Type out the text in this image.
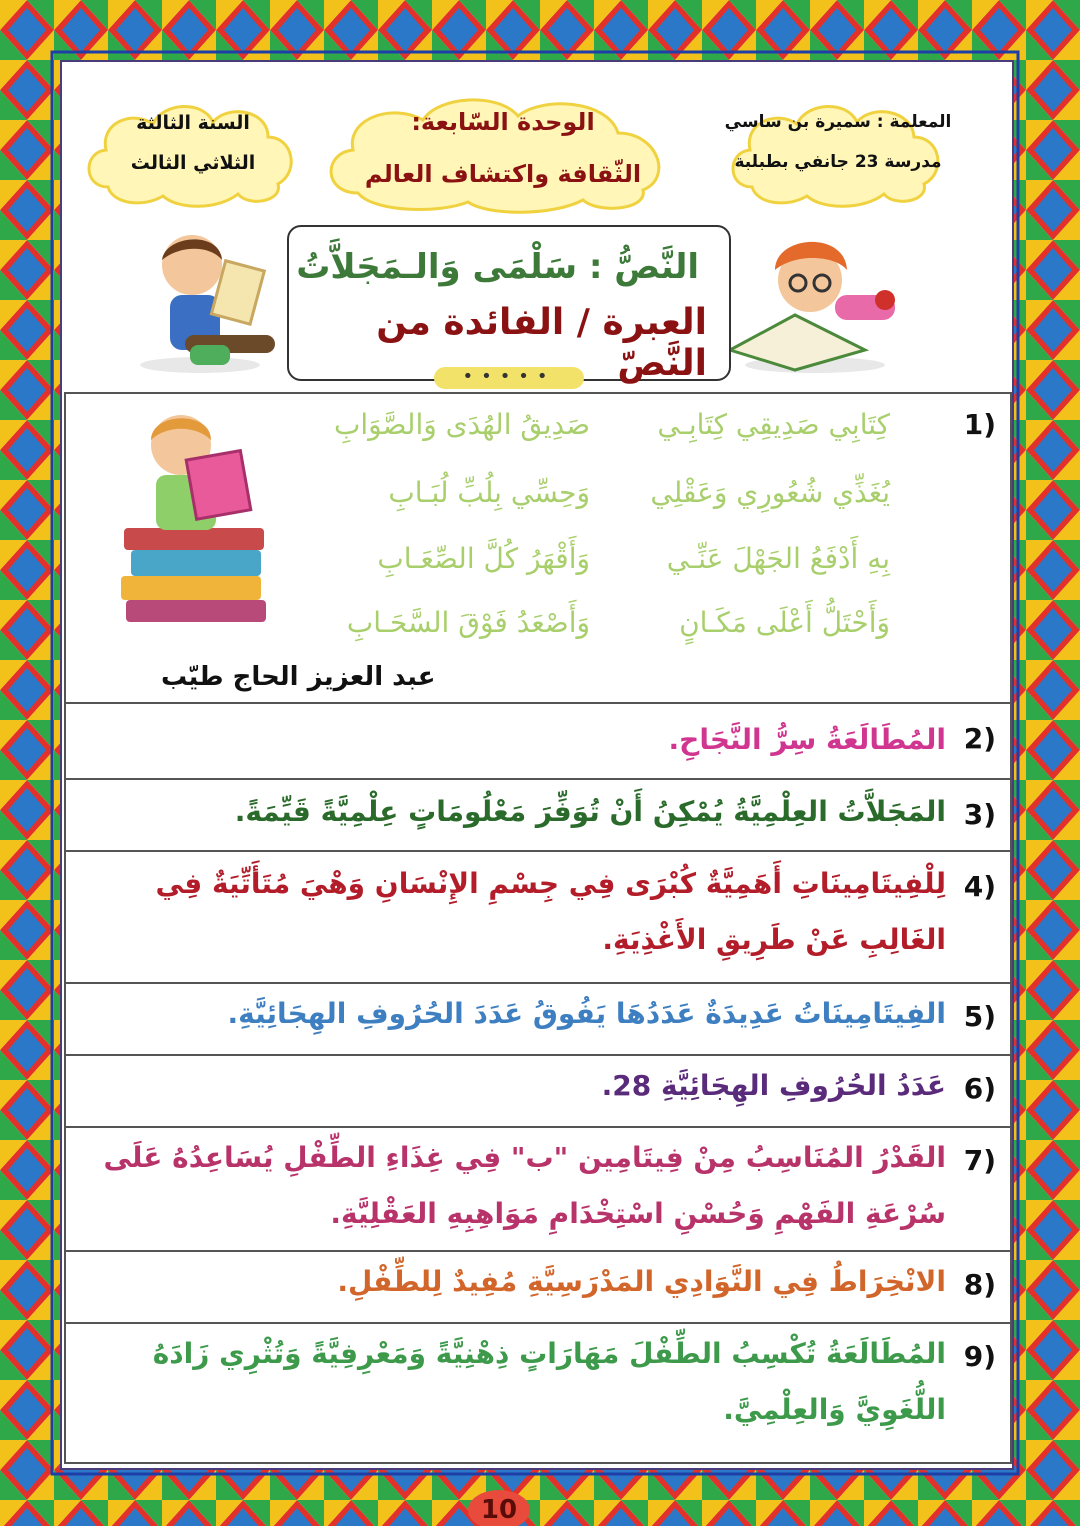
السنة الثالثة
الثلاثي الثالث
الوحدة السّابعة:
الثّقافة واكتشاف العالم
المعلمة : سميرة بن ساسي
مدرسة 23 جانفي بطبلبة
النَّصُّ : سَلْمَى وَالـمَجَلاَّتُ
العبرة / الفائدة من النَّصّ
•••••
1)
كِتَابِي صَدِيقِي كِتَابِـي
صَدِيقُ الهُدَى وَالصَّوَابِ
يُغَذِّي شُعُورِي وَعَقْلِي
وَحِسِّي بِلُبِّ لُبَـابِ
بِهِ أَدْفَعُ الجَهْلَ عَنِّـي
وَأَقْهَرُ كُلَّ الصِّعَـابِ
وَأَحْتَلُّ أَعْلَى مَكَـانٍ
وَأَصْعَدُ فَوْقَ السَّحَـابِ
عبد العزيز الحاج طيّب
2)
المُطَالَعَةُ سِرُّ النَّجَاحِ.
3)
المَجَلاَّتُ العِلْمِيَّةُ يُمْكِنُ أَنْ تُوَفِّرَ مَعْلُومَاتٍ عِلْمِيَّةً قَيِّمَةً.
4)
لِلْفِيتَامِينَاتِ أَهَمِيَّةٌ كُبْرَى فِي جِسْمِ الإِنْسَانِ وَهْيَ مُتَأَتِّيَةٌ فِي الغَالِبِ عَنْ طَرِيقِ الأَغْذِيَةِ.
5)
الفِيتَامِينَاتُ عَدِيدَةٌ عَدَدُهَا يَفُوقُ عَدَدَ الحُرُوفِ الهِجَائِيَّةِ.
6)
عَدَدُ الحُرُوفِ الهِجَائِيَّةِ 28.
7)
القَدْرُ المُنَاسِبُ مِنْ فِيتَامِين "ب" فِي غِذَاءِ الطِّفْلِ يُسَاعِدُهُ عَلَى سُرْعَةِ الفَهْمِ وَحُسْنِ اسْتِخْدَامِ مَوَاهِبِهِ العَقْلِيَّةِ.
8)
الانْخِرَاطُ فِي النَّوَادِي المَدْرَسِيَّةِ مُفِيدٌ لِلطِّفْلِ.
9)
المُطَالَعَةُ تُكْسِبُ الطِّفْلَ مَهَارَاتٍ ذِهْنِيَّةً وَمَعْرِفِيَّةً وَتُثْرِي زَادَهُ اللُّغَوِيَّ وَالعِلْمِيَّ.
10
